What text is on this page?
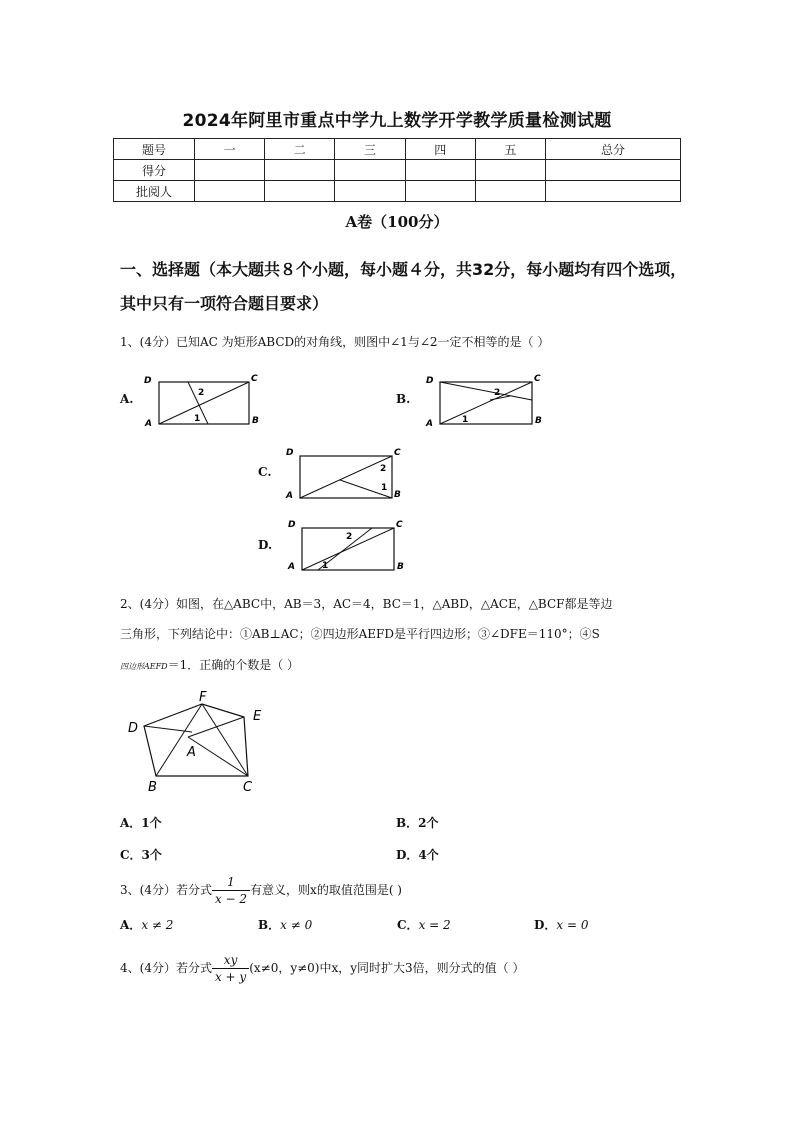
2024年阿里市重点中学九上数学开学教学质量检测试题
题号	一	二	三	四	五	总分
得分						
批阅人						
A卷（100分）
一、选择题（本大题共８个小题，每小题４分，共32分，每小题均有四个选项，其中只有一项符合题目要求）
1、(4分）已知AC 为矩形ABCD的对角线，则图中∠1与∠2一定不相等的是（ ）
A.
D	C
A	B
2
1
B.
D	C
A	B
2
1
C.
D	C
A	B
2
1
D.
D	C
A	B
2
1
2、(4分）如图，在△ABC中，AB＝3，AC＝4，BC＝1，△ABD，△ACE，△BCF都是等边
三角形，下列结论中：①AB⊥AC；②四边形AEFD是平行四边形；③∠DFE＝110°；④S
四边形AEFD＝1．正确的个数是（ ）
D
F
E
A
B	C
A．1个	B．2个
C．3个	D．4个
3、(4分）若分式 $\frac{1}{x - 2}$ 有意义，则x的取值范围是( )
A．x ≠ 2	B．x ≠ 0	C．x = 2	D．x = 0
4、(4分）若分式 $\frac{xy}{x + y} (x\ne 0$，y≠0)中x，y同时扩大3倍，则分式的值（ ）
